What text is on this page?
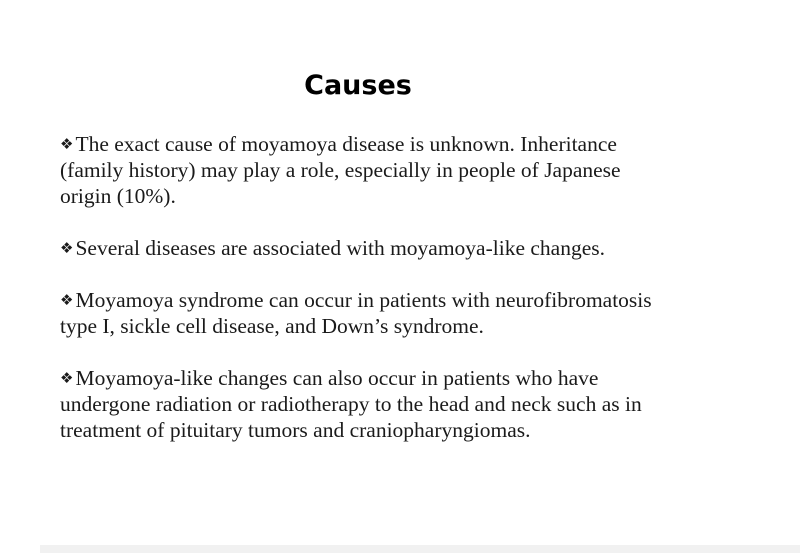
Causes
❖The exact cause of moyamoya disease is unknown. Inheritance
(family history) may play a role, especially in people of Japanese
origin (10%).
❖Several diseases are associated with moyamoya-like changes.
❖Moyamoya syndrome can occur in patients with neurofibromatosis
type I, sickle cell disease, and Down’s syndrome.
❖Moyamoya-like changes can also occur in patients who have
undergone radiation or radiotherapy to the head and neck such as in
treatment of pituitary tumors and craniopharyngiomas.
